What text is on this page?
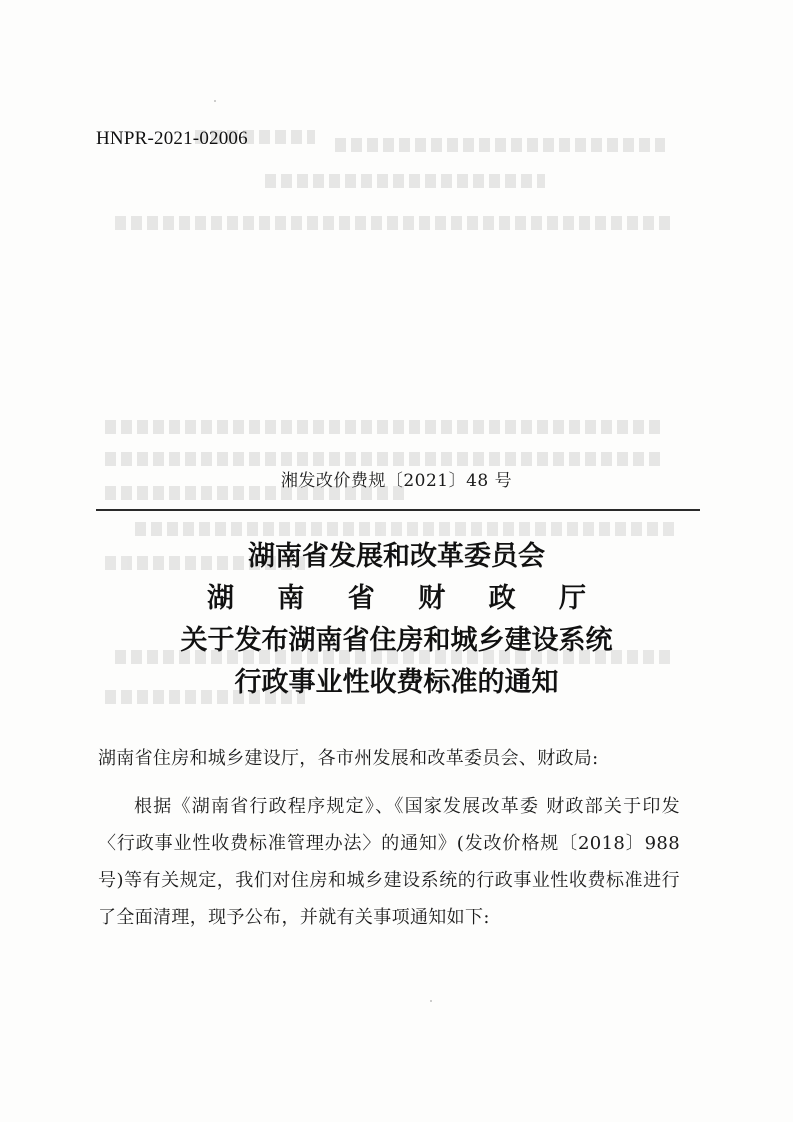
HNPR-2021-02006
湘发改价费规〔2021〕48 号
湖南省发展和改革委员会
湖 南 省 财 政 厅
关于发布湖南省住房和城乡建设系统
行政事业性收费标准的通知
湖南省住房和城乡建设厅，各市州发展和改革委员会、财政局:
根据《湖南省行政程序规定》、《国家发展改革委 财政部关于印发〈行政事业性收费标准管理办法〉的通知》(发改价格规〔2018〕988 号)等有关规定，我们对住房和城乡建设系统的行政事业性收费标准进行了全面清理，现予公布，并就有关事项通知如下:
